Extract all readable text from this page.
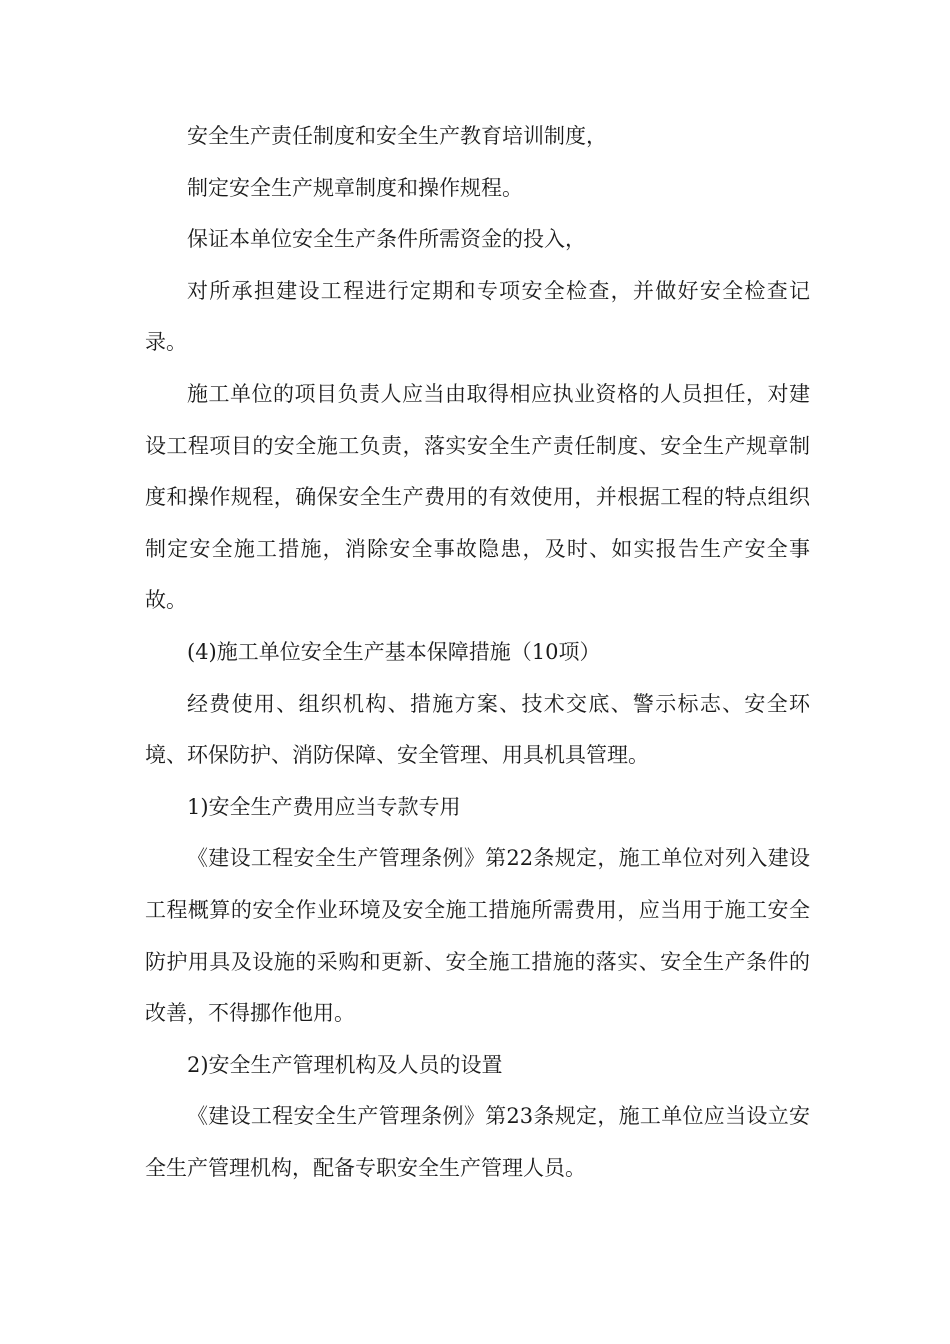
安全生产责任制度和安全生产教育培训制度，

制定安全生产规章制度和操作规程。

保证本单位安全生产条件所需资金的投入，

对所承担建设工程进行定期和专项安全检查，并做好安全检查记录。

施工单位的项目负责人应当由取得相应执业资格的人员担任，对建设工程项目的安全施工负责，落实安全生产责任制度、安全生产规章制度和操作规程，确保安全生产费用的有效使用，并根据工程的特点组织制定安全施工措施，消除安全事故隐患，及时、如实报告生产安全事故。

(4)施工单位安全生产基本保障措施（10项）

经费使用、组织机构、措施方案、技术交底、警示标志、安全环境、环保防护、消防保障、安全管理、用具机具管理。

1)安全生产费用应当专款专用

《建设工程安全生产管理条例》第22条规定，施工单位对列入建设工程概算的安全作业环境及安全施工措施所需费用，应当用于施工安全防护用具及设施的采购和更新、安全施工措施的落实、安全生产条件的改善，不得挪作他用。

2)安全生产管理机构及人员的设置

《建设工程安全生产管理条例》第23条规定，施工单位应当设立安全生产管理机构，配备专职安全生产管理人员。
